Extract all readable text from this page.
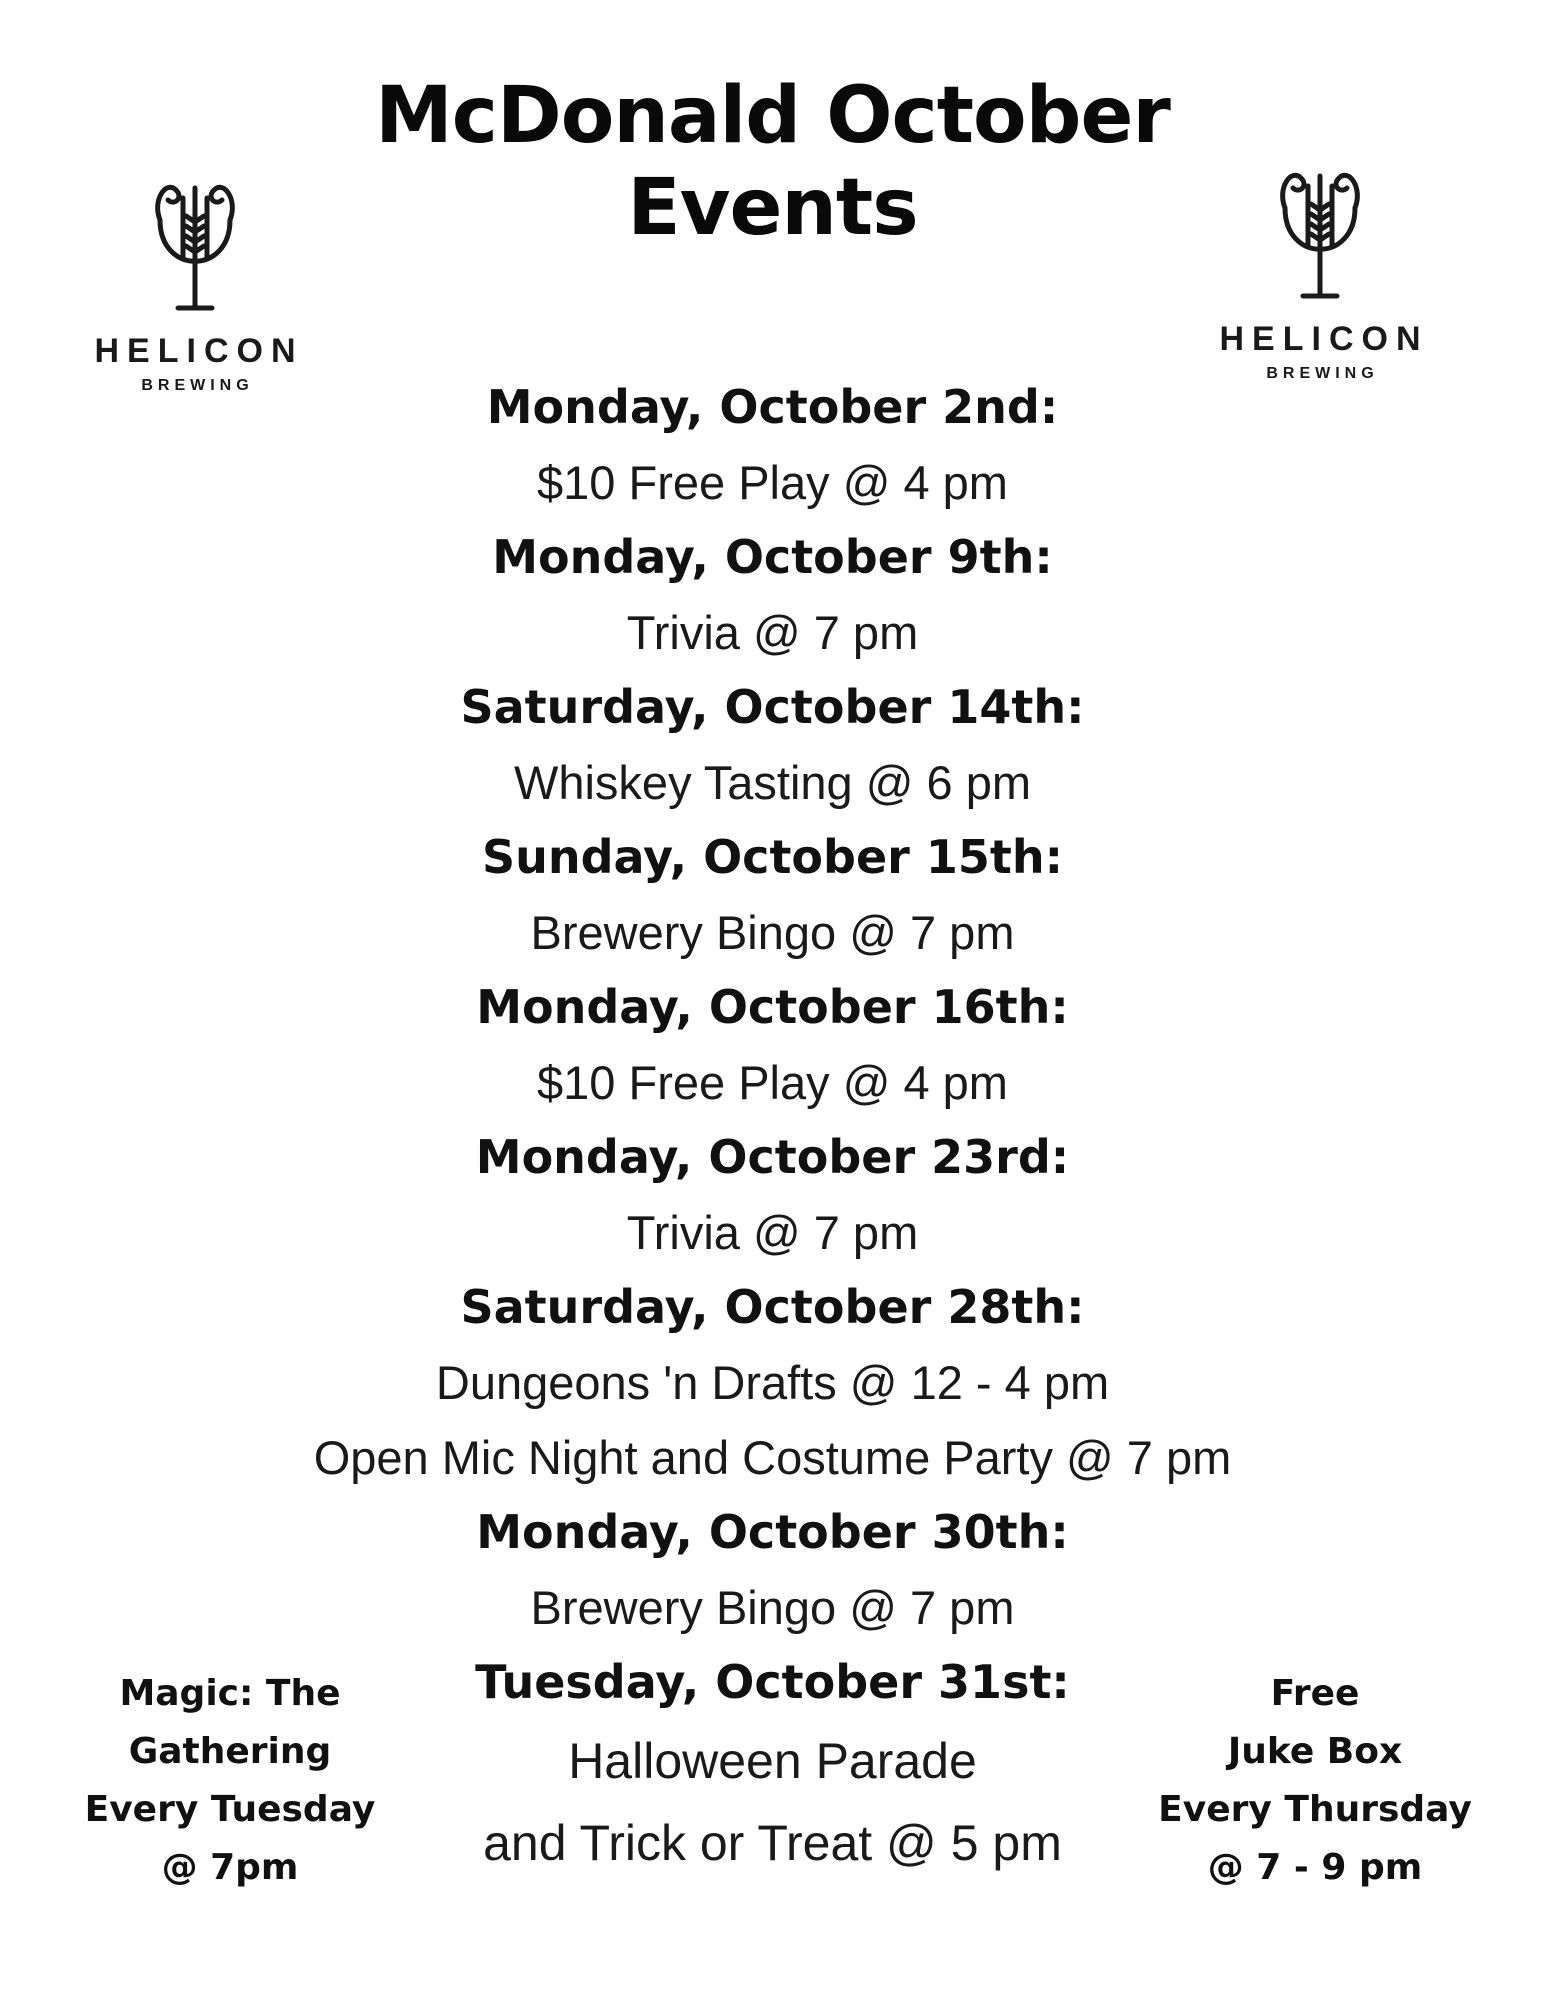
McDonald October
Events
HELICON
BREWING
HELICON
BREWING
Monday, October 2nd:
$10 Free Play @ 4 pm
Monday, October 9th:
Trivia @ 7 pm
Saturday, October 14th:
Whiskey Tasting @ 6 pm
Sunday, October 15th:
Brewery Bingo @ 7 pm
Monday, October 16th:
$10 Free Play @ 4 pm
Monday, October 23rd:
Trivia @ 7 pm
Saturday, October 28th:
Dungeons 'n Drafts @ 12 - 4 pm
Open Mic Night and Costume Party @ 7 pm
Monday, October 30th:
Brewery Bingo @ 7 pm
Tuesday, October 31st:
Halloween Parade
and Trick or Treat @ 5 pm
Magic: The
Gathering
Every Tuesday
@ 7pm
Free
Juke Box
Every Thursday
@ 7 - 9 pm
